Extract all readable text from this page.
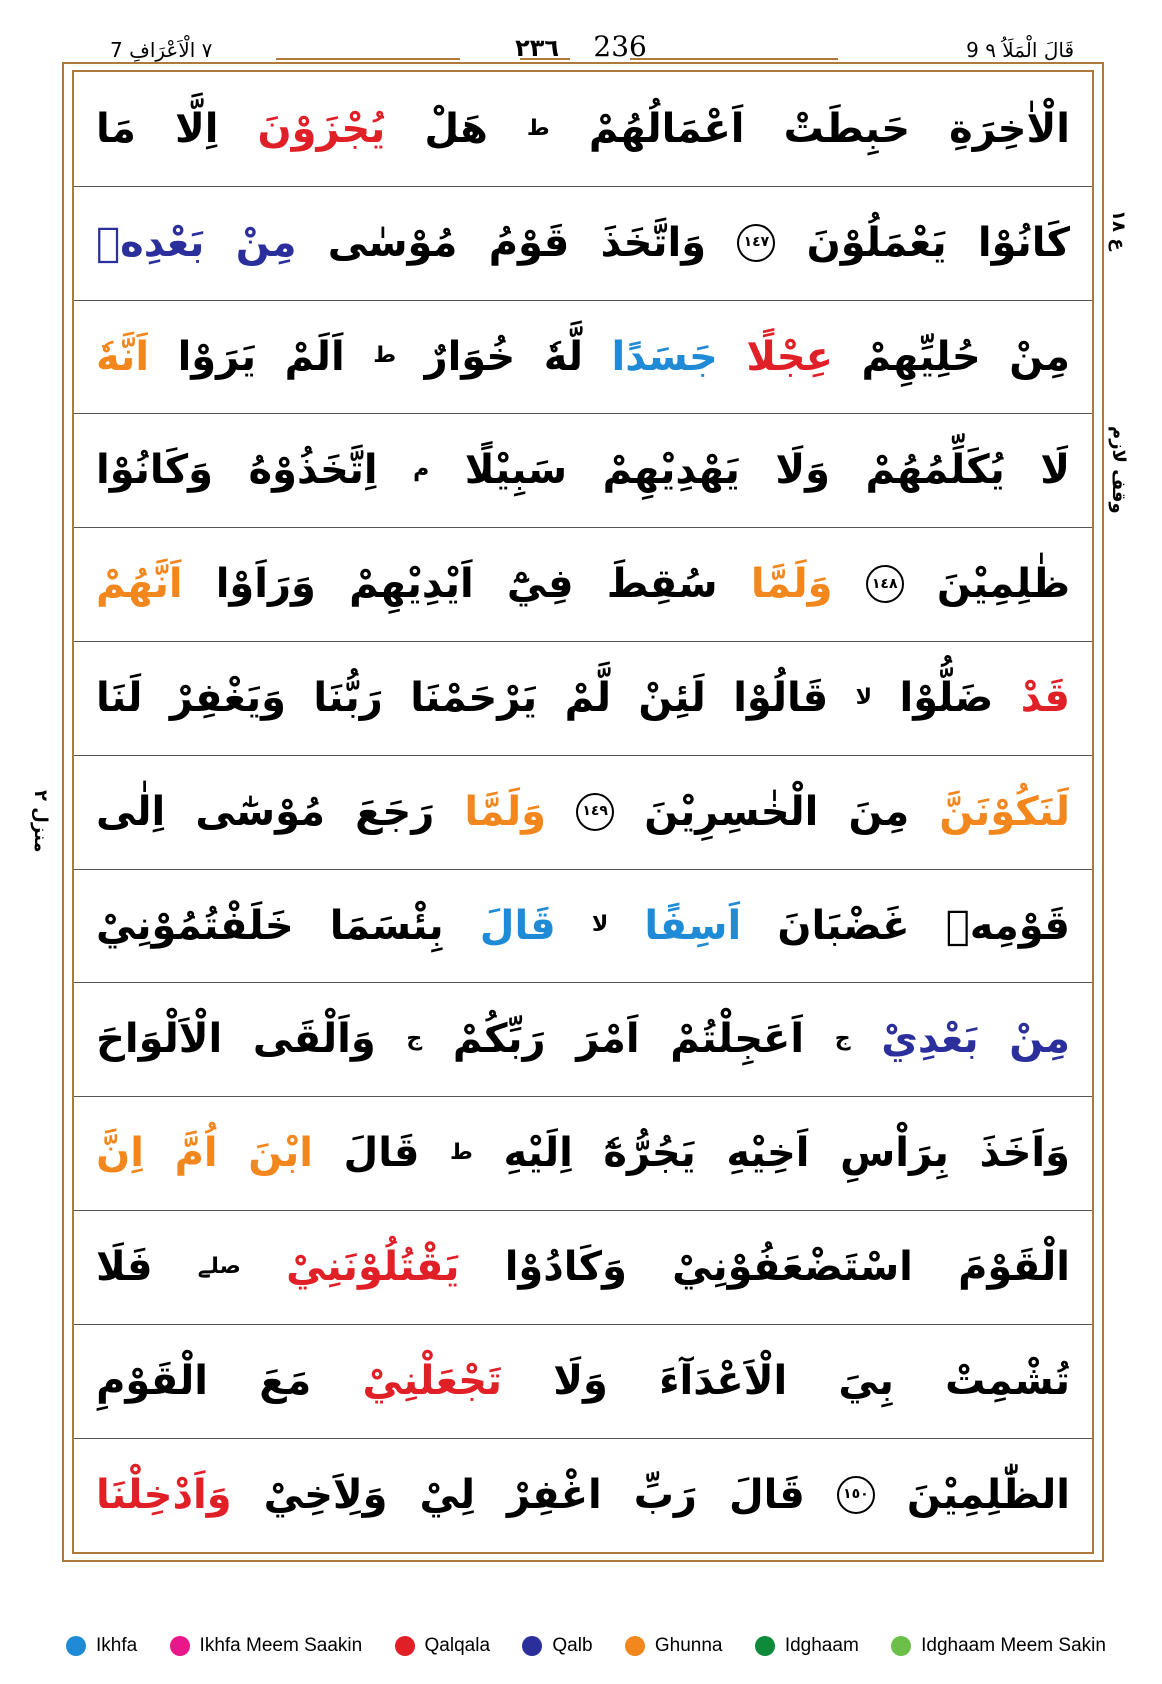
9 قَالَ الْمَلَاُ ٩
٧ الْاَعْرَافِ 7	٢٣٦ 236
الْاٰخِرَةِ
حَبِطَتْ
اَعْمَالُهُمْ
ط
هَلْ
يُجْزَوْنَ
اِلَّا
مَا
كَانُوْا
يَعْمَلُوْنَ
١٤٧
وَاتَّخَذَ
قَوْمُ
مُوْسٰى
مِنْ
بَعْدِهٖ
مِنْ
حُلِيِّهِمْ
عِجْلًا
جَسَدًا
لَّهٗ
خُوَارٌ
ط
اَلَمْ
يَرَوْا
اَنَّهٗ
لَا
يُكَلِّمُهُمْ
وَلَا
يَهْدِيْهِمْ
سَبِيْلًا
م
اِتَّخَذُوْهُ
وَكَانُوْا
ظٰلِمِيْنَ
١٤٨
وَلَمَّا
سُقِطَ
فِيْٓ
اَيْدِيْهِمْ
وَرَاَوْا
اَنَّهُمْ
قَدْ
ضَلُّوْا
لا
قَالُوْا
لَئِنْ
لَّمْ
يَرْحَمْنَا
رَبُّنَا
وَيَغْفِرْ
لَنَا
لَنَكُوْنَنَّ
مِنَ
الْخٰسِرِيْنَ
١٤٩
وَلَمَّا
رَجَعَ
مُوْسٰٓى
اِلٰى
قَوْمِهٖ
غَضْبَانَ
اَسِفًا
لا
قَالَ
بِئْسَمَا
خَلَفْتُمُوْنِيْ
مِنْ
بَعْدِيْ
ج
اَعَجِلْتُمْ
اَمْرَ
رَبِّكُمْ
ج
وَاَلْقَى
الْاَلْوَاحَ
وَاَخَذَ
بِرَاْسِ
اَخِيْهِ
يَجُرُّهٗٓ
اِلَيْهِ
ط
قَالَ
ابْنَ
اُمَّ
اِنَّ
الْقَوْمَ
اسْتَضْعَفُوْنِيْ
وَكَادُوْا
يَقْتُلُوْنَنِيْ
صلے
فَلَا
تُشْمِتْ
بِيَ
الْاَعْدَآءَ
وَلَا
تَجْعَلْنِيْ
مَعَ
الْقَوْمِ
الظّٰلِمِيْنَ
١٥٠
قَالَ
رَبِّ
اغْفِرْ
لِيْ
وَلِاَخِيْ
وَاَدْخِلْنَا
ع ١٨
وقف لازم
منزل ٢
Ikhfa	Ikhfa Meem Saakin	Qalqala	Qalb	Ghunna	Idghaam	Idghaam Meem Sakin
